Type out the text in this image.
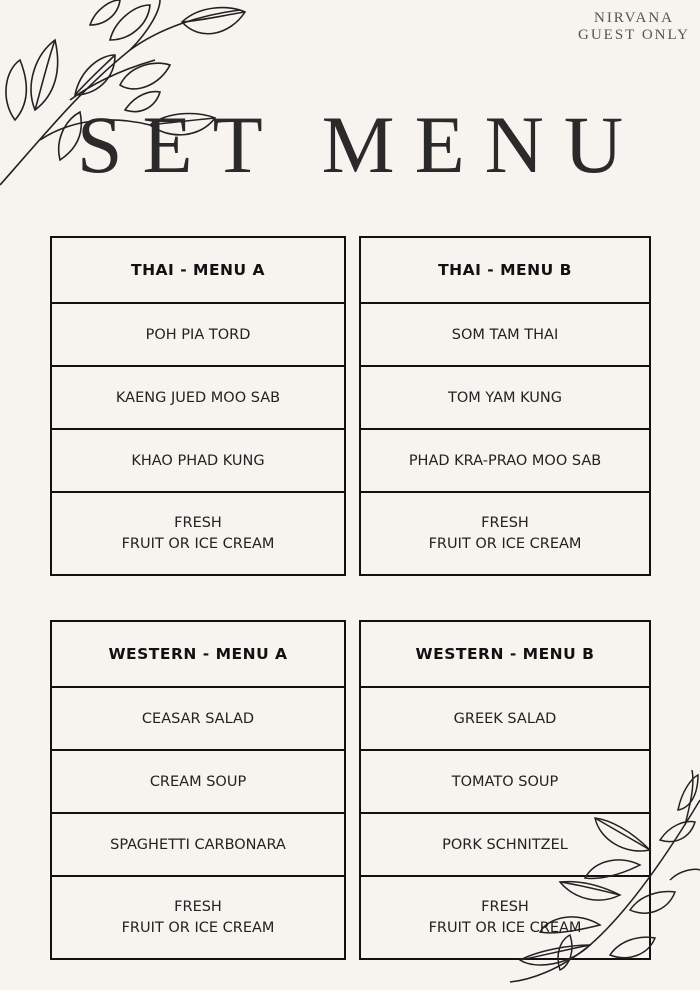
NIRVANA
GUEST ONLY
SET MENU
THAI - MENU A
POH PIA TORD
KAENG JUED MOO SAB
KHAO PHAD KUNG
FRESH
FRUIT OR ICE CREAM
THAI - MENU B
SOM TAM THAI
TOM YAM KUNG
PHAD KRA-PRAO MOO SAB
FRESH
FRUIT OR ICE CREAM
WESTERN - MENU A
CEASAR SALAD
CREAM SOUP
SPAGHETTI CARBONARA
FRESH
FRUIT OR ICE CREAM
WESTERN - MENU B
GREEK SALAD
TOMATO SOUP
PORK SCHNITZEL
FRESH
FRUIT OR ICE CREAM
